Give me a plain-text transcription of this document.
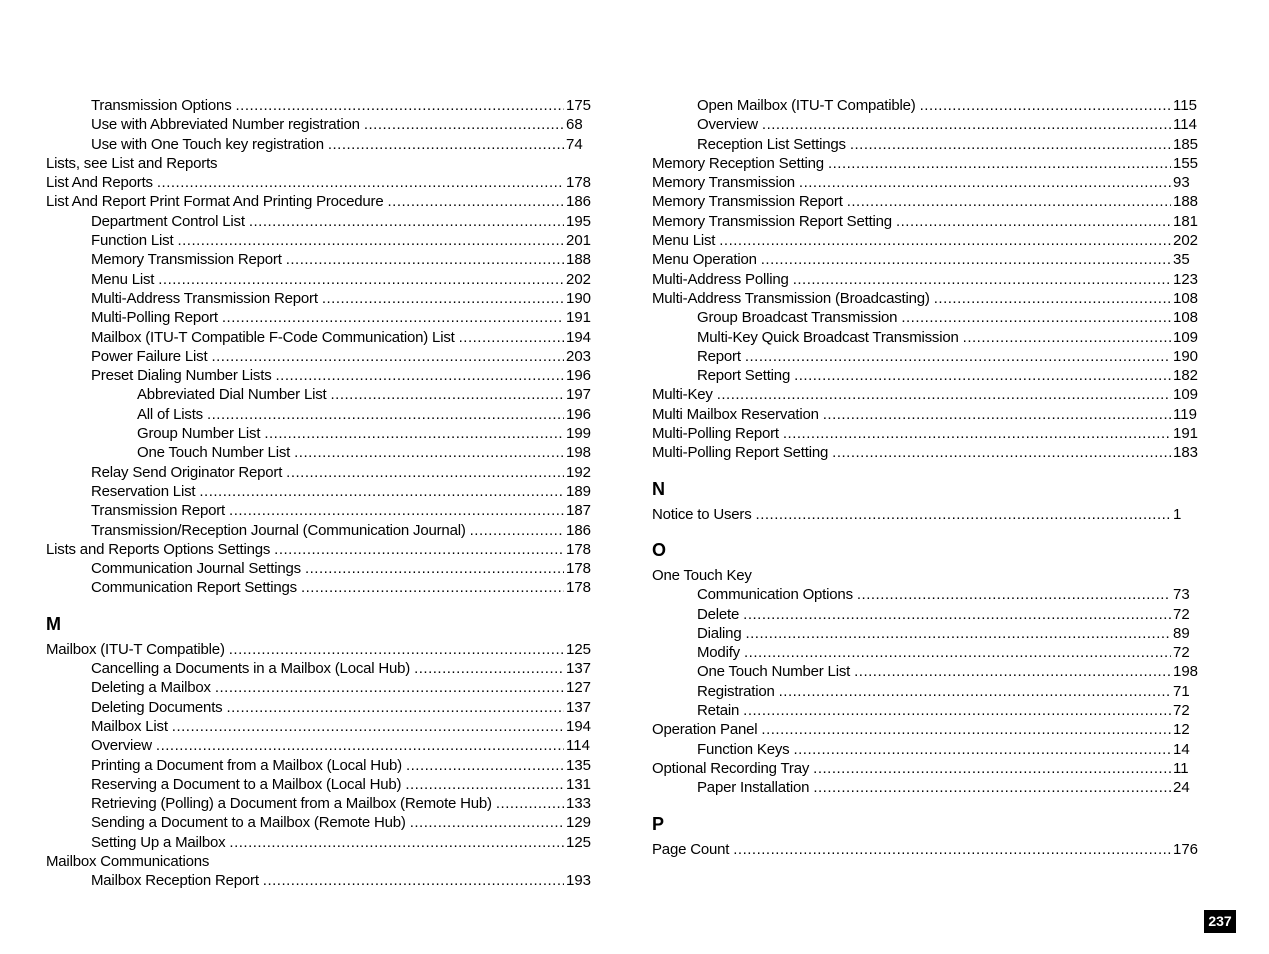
Transmission Options .....	175
Use with Abbreviated Number registration .....	68
Use with One Touch key registration .....	74
Lists, see List and Reports
List And Reports .....	178
List And Report Print Format And Printing Procedure .....	186
Department Control List .....	195
Function List .....	201
Memory Transmission Report .....	188
Menu List .....	202
Multi-Address Transmission Report .....	190
Multi-Polling Report .....	191
Mailbox (ITU-T Compatible F-Code Communication) List .....	194
Power Failure List .....	203
Preset Dialing Number Lists .....	196
Abbreviated Dial Number List .....	197
All of Lists .....	196
Group Number List .....	199
One Touch Number List .....	198
Relay Send Originator Report .....	192
Reservation List .....	189
Transmission Report .....	187
Transmission/Reception Journal (Communication Journal) .....	186
Lists and Reports Options Settings .....	178
Communication Journal Settings .....	178
Communication Report Settings .....	178
M
Mailbox (ITU-T Compatible) .....	125
Cancelling a Documents in a Mailbox (Local Hub) .....	137
Deleting a Mailbox .....	127
Deleting Documents .....	137
Mailbox List .....	194
Overview .....	114
Printing a Document from a Mailbox (Local Hub) .....	135
Reserving a Document to a Mailbox (Local Hub) .....	131
Retrieving (Polling) a Document from a Mailbox (Remote Hub) .....	133
Sending a Document to a Mailbox (Remote Hub) .....	129
Setting Up a Mailbox .....	125
Mailbox Communications
Mailbox Reception Report .....	193
Open Mailbox (ITU-T Compatible) .....	115
Overview .....	114
Reception List Settings .....	185
Memory Reception Setting .....	155
Memory Transmission .....	93
Memory Transmission Report .....	188
Memory Transmission Report Setting .....	181
Menu List .....	202
Menu Operation .....	35
Multi-Address Polling .....	123
Multi-Address Transmission (Broadcasting) .....	108
Group Broadcast Transmission .....	108
Multi-Key Quick Broadcast Transmission .....	109
Report .....	190
Report Setting .....	182
Multi-Key .....	109
Multi Mailbox Reservation .....	119
Multi-Polling Report .....	191
Multi-Polling Report Setting .....	183
N
Notice to Users .....	1
O
One Touch Key
Communication Options .....	73
Delete .....	72
Dialing .....	89
Modify .....	72
One Touch Number List .....	198
Registration .....	71
Retain .....	72
Operation Panel .....	12
Function Keys .....	14
Optional Recording Tray .....	11
Paper Installation .....	24
P
Page Count .....	176
237
